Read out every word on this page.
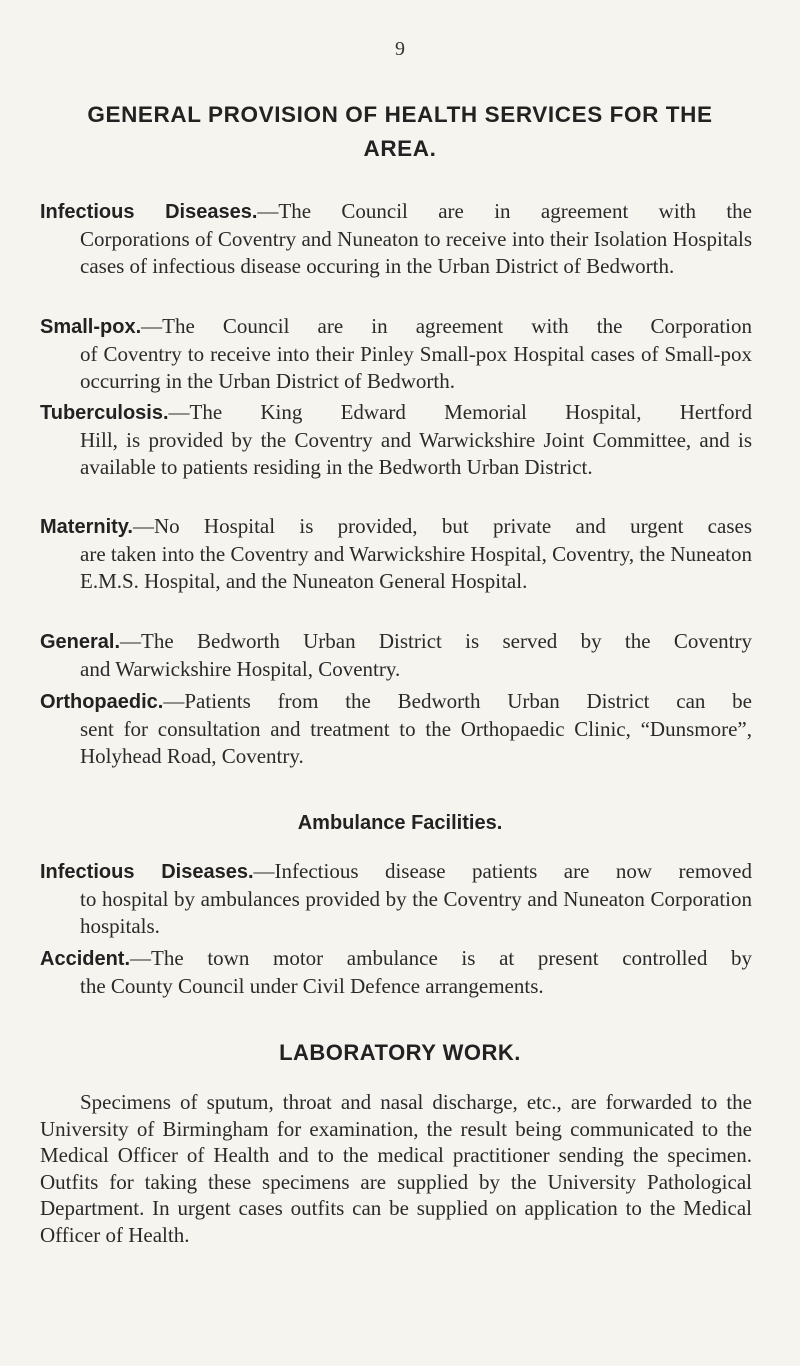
9
GENERAL PROVISION OF HEALTH SERVICES FOR THE AREA.
Infectious Diseases.—The Council are in agreement with the
Corporations of Coventry and Nuneaton to receive into their Isolation Hospitals cases of infectious disease occuring in the Urban District of Bedworth.
Small-pox.—The Council are in agreement with the Corporation
of Coventry to receive into their Pinley Small-pox Hospital cases of Small-pox occurring in the Urban District of Bedworth.
Tuberculosis.—The King Edward Memorial Hospital, Hertford
Hill, is provided by the Coventry and Warwickshire Joint Committee, and is available to patients residing in the Bedworth Urban District.
Maternity.—No Hospital is provided, but private and urgent cases
are taken into the Coventry and Warwickshire Hospital, Coventry, the Nuneaton E.M.S. Hospital, and the Nuneaton General Hospital.
General.—The Bedworth Urban District is served by the Coventry
and Warwickshire Hospital, Coventry.
Orthopaedic.—Patients from the Bedworth Urban District can be
sent for consultation and treatment to the Orthopaedic Clinic, “Dunsmore”, Holyhead Road, Coventry.
Ambulance Facilities.
Infectious Diseases.—Infectious disease patients are now removed
to hospital by ambulances provided by the Coventry and Nuneaton Corporation hospitals.
Accident.—The town motor ambulance is at present controlled by
the County Council under Civil Defence arrangements.
LABORATORY WORK.
Specimens of sputum, throat and nasal discharge, etc., are forwarded to the University of Birmingham for examination, the result being communicated to the Medical Officer of Health and to the medical practitioner sending the specimen. Outfits for taking these specimens are supplied by the University Pathological Department. In urgent cases outfits can be supplied on application to the Medical Officer of Health.
